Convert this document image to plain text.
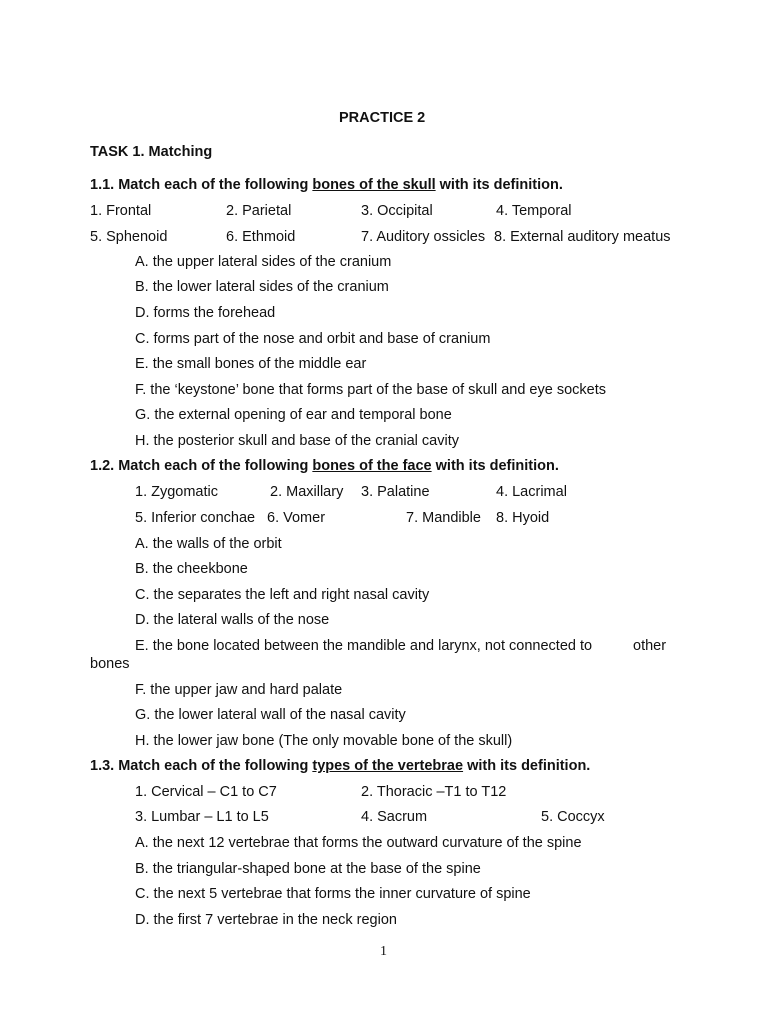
PRACTICE 2
TASK 1. Matching
1.1. Match each of the following bones of the skull with its definition.
1. Frontal	2. Parietal	3. Occipital	4. Temporal
5. Sphenoid	6. Ethmoid	7. Auditory ossicles 8. External auditory meatus
A. the upper lateral sides of the cranium
B. the lower lateral sides of the cranium
D. forms the forehead
C. forms part of the nose and orbit and base of cranium
E. the small bones of the middle ear
F. the ‘keystone’ bone that forms part of the base of skull and eye sockets
G. the external opening of ear and temporal bone
H. the posterior skull and base of the cranial cavity
1.2. Match each of the following bones of the face with its definition.
1. Zygomatic	2. Maxillary 3. Palatine	4. Lacrimal
5. Inferior conchae 6. Vomer	7. Mandible 8. Hyoid
A. the walls of the orbit
B. the cheekbone
C. the separates the left and right nasal cavity
D. the lateral walls of the nose
E. the bone located between the mandible and larynx, not connected to	other
bones
F. the upper jaw and hard palate
G. the lower lateral wall of the nasal cavity
H. the lower jaw bone (The only movable bone of the skull)
1.3. Match each of the following types of the vertebrae with its definition.
1. Cervical – C1 to C7	2. Thoracic –T1 to T12
3. Lumbar – L1 to L5	4. Sacrum	5. Coccyx
A. the next 12 vertebrae that forms the outward curvature of the spine
B. the triangular-shaped bone at the base of the spine
C. the next 5 vertebrae that forms the inner curvature of spine
D. the first 7 vertebrae in the neck region
1
